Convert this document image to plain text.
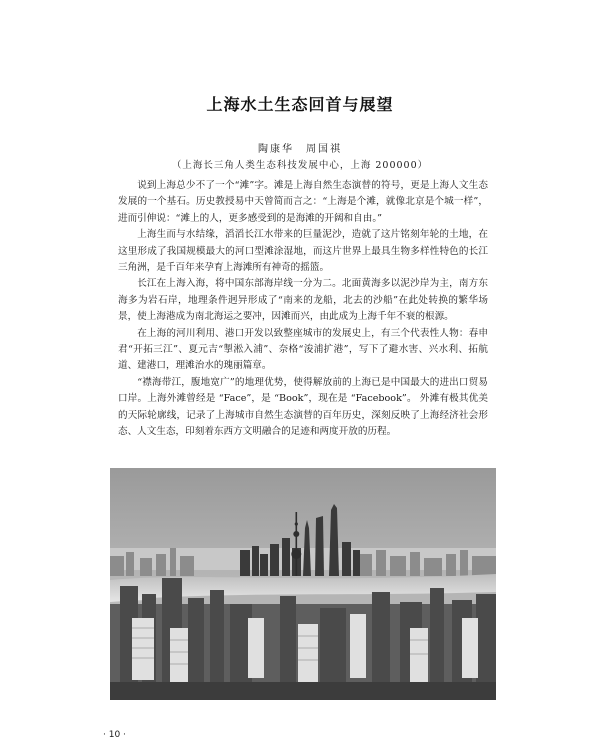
上海水土生态回首与展望
陶康华　周国祺
（上海长三角人类生态科技发展中心，上海 200000）

说到上海总少不了一个“滩”字。滩是上海自然生态演替的符号，更是上海人文生态发展的一个基石。历史教授易中天曾简而言之：“上海是个滩，就像北京是个城一样”，进而引伸说：“滩上的人，更多感受到的是海滩的开阔和自由。”

上海生而与水结缘，滔滔长江水带来的巨量泥沙，造就了这片铭刻年轮的土地，在这里形成了我国规模最大的河口型滩涂湿地，而这片世界上最具生物多样性特色的长江三角洲，是千百年来孕育上海滩所有神奇的摇篮。

长江在上海入海，将中国东部海岸线一分为二。北面黄海多以泥沙岸为主，南方东海多为岩石岸，地理条件迥异形成了“南来的龙船，北去的沙船”在此处转换的繁华场景，使上海港成为南北海运之要冲，因滩而兴，由此成为上海千年不衰的根源。

在上海的河川利用、港口开发以致整座城市的发展史上，有三个代表性人物：春申君“开拓三江”、夏元吉“掣淞入浦”、奈格“浚浦扩港”，写下了避水害、兴水利、拓航道、建港口，理滩治水的瑰丽篇章。

“襟海带江，腹地宽广”的地理优势，使得解放前的上海已是中国最大的进出口贸易口岸。上海外滩曾经是 “Face”，是 “Book”，现在是 “Facebook”。 外滩有极其优美的天际轮廓线，记录了上海城市自然生态演替的百年历史，深刻反映了上海经济社会形态、人文生态，印刻着东西方文明融合的足迹和两度开放的历程。

· 10 ·
